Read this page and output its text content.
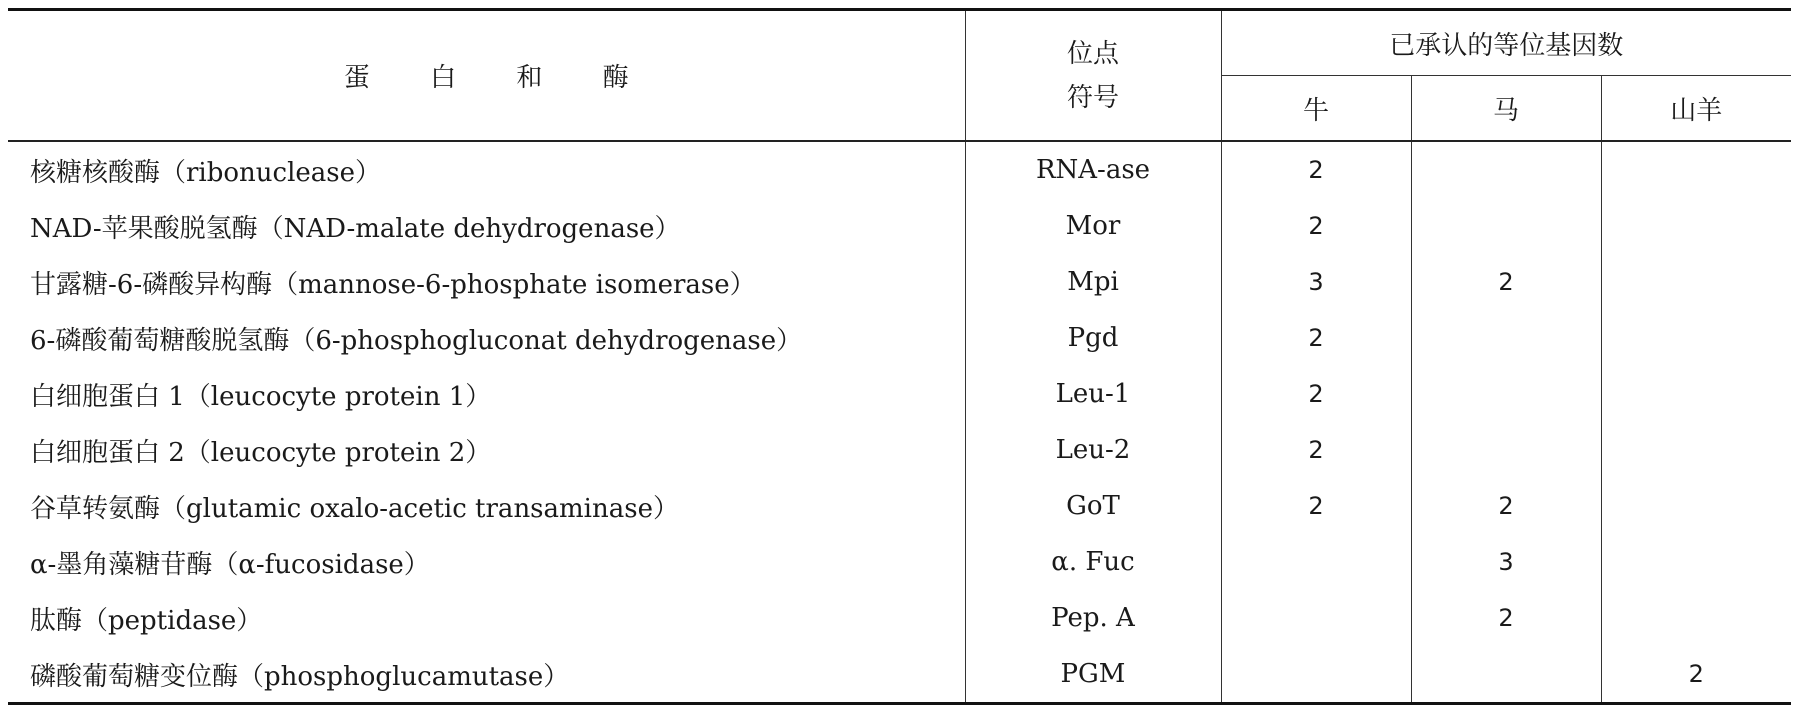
蛋 白 和 酶	位点
符号	已承认的等位基因数		
		牛	马	山羊
核糖核酸酶（ribonuclease）	RNA-ase	2		
NAD-苹果酸脱氢酶（NAD-malate dehydrogenase）	Mor	2		
甘露糖-6-磷酸异构酶（mannose-6-phosphate isomerase）	Mpi	3	2	
6-磷酸葡萄糖酸脱氢酶（6-phosphogluconat dehydrogenase）	Pgd	2		
白细胞蛋白 1（leucocyte protein 1）	Leu-1	2		
白细胞蛋白 2（leucocyte protein 2）	Leu-2	2		
谷草转氨酶（glutamic oxalo-acetic transaminase）	GoT	2	2	
α-墨角藻糖苷酶（α-fucosidase）	α. Fuc		3	
肽酶（peptidase）	Pep. A		2	
磷酸葡萄糖变位酶（phosphoglucamutase）	PGM			2
